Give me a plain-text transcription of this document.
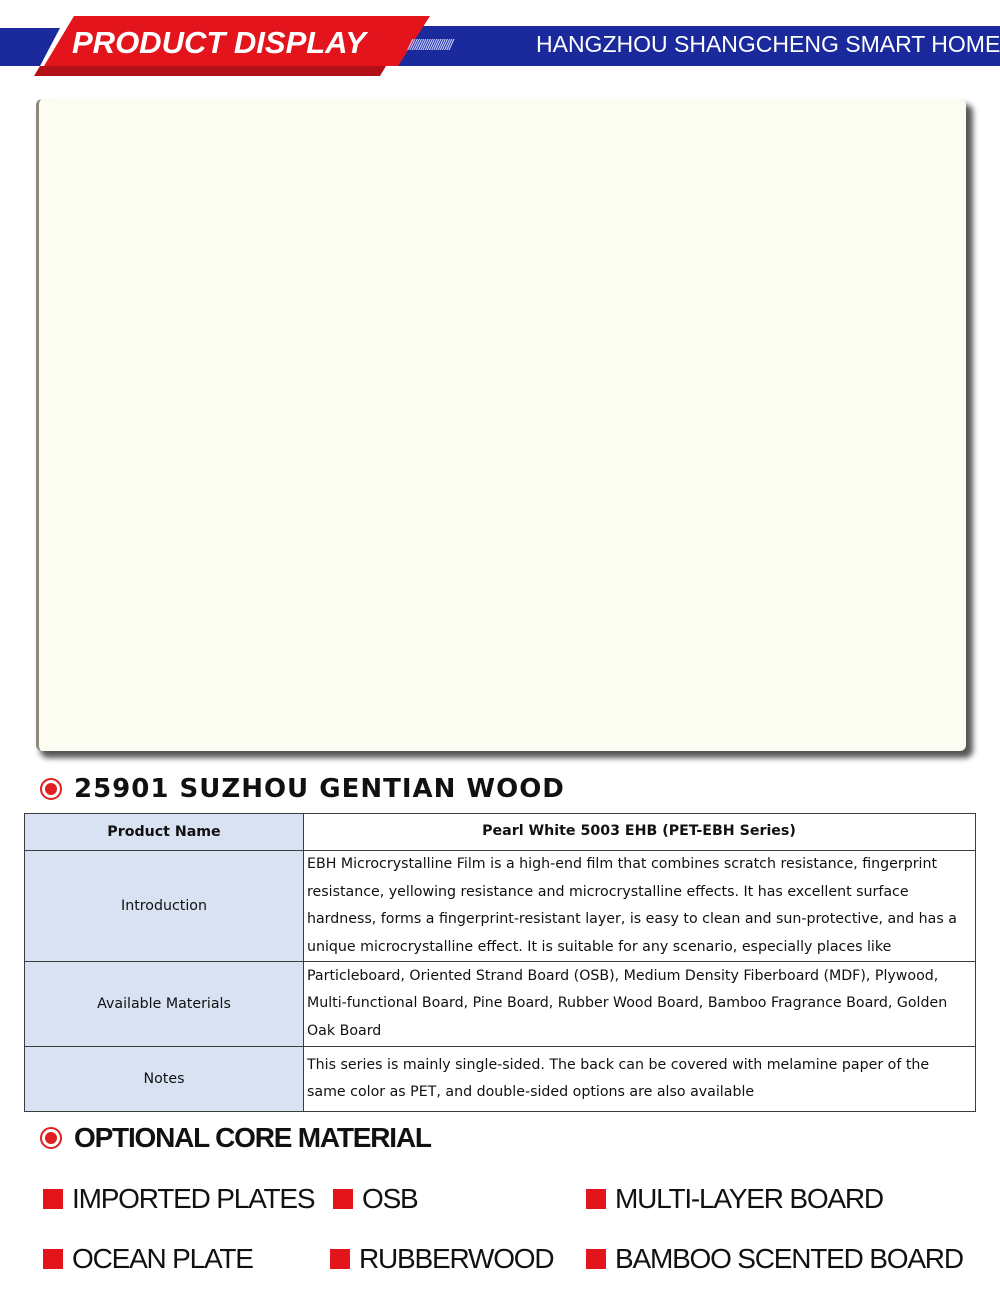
PRODUCT DISPLAY	////////////////////	HANGZHOU SHANGCHENG SMART HOME
25901 SUZHOU GENTIAN WOOD
Product Name	Pearl White 5003 EHB (PET-EBH Series)
Introduction	EBH Microcrystalline Film is a high-end film that combines scratch resistance, fingerprint resistance, yellowing resistance and microcrystalline effects. It has excellent surface hardness, forms a fingerprint-resistant layer, is easy to clean and sun-protective, and has a unique microcrystalline effect. It is suitable for any scenario, especially places like

Available Materials	Particleboard, Oriented Strand Board (OSB), Medium Density Fiberboard (MDF), Plywood, Multi-functional Board, Pine Board, Rubber Wood Board, Bamboo Fragrance Board, Golden Oak Board
Notes	This series is mainly single-sided. The back can be covered with melamine paper of the same color as PET, and double-sided options are also available
OPTIONAL CORE MATERIAL
IMPORTED PLATES OSB	MULTI-LAYER BOARD
OCEAN PLATE	RUBBERWOOD BAMBOO SCENTED BOARD
